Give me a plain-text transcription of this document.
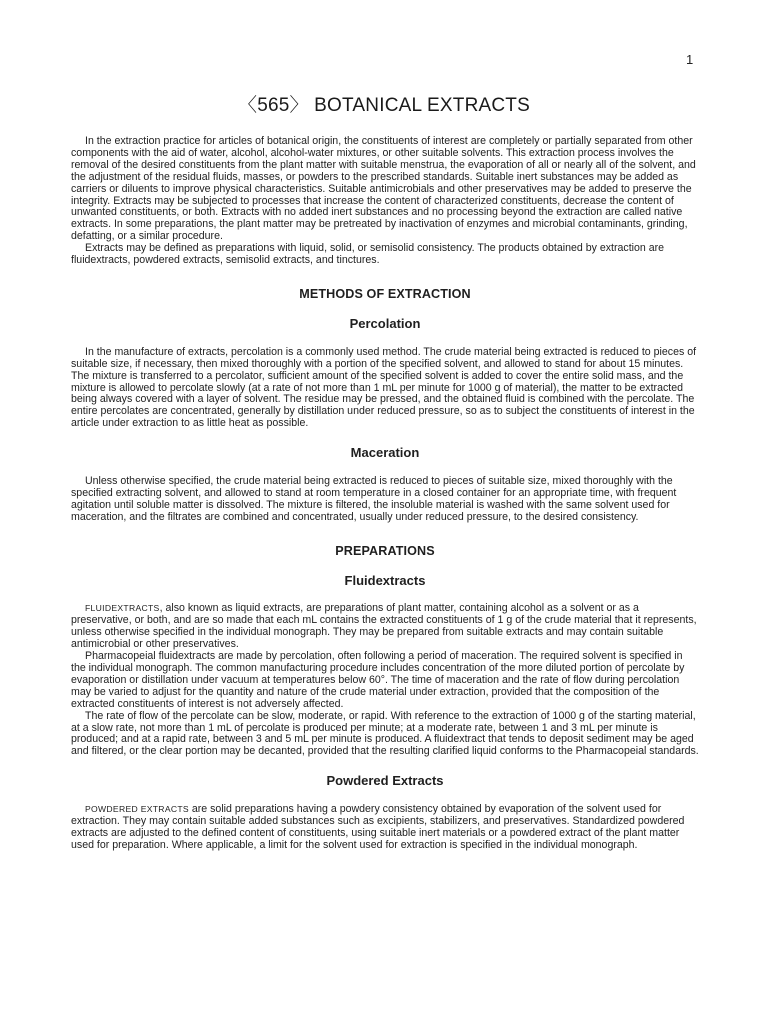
1
〈565〉 BOTANICAL EXTRACTS

In the extraction practice for articles of botanical origin, the constituents of interest are completely or partially separated from other components with the aid of water, alcohol, alcohol-water mixtures, or other suitable solvents. This extraction process involves the removal of the desired constituents from the plant matter with suitable menstrua, the evaporation of all or nearly all of the solvent, and the adjustment of the residual fluids, masses, or powders to the prescribed standards. Suitable inert substances may be added as carriers or diluents to improve physical characteristics. Suitable antimicrobials and other preservatives may be added to preserve the integrity. Extracts may be subjected to processes that increase the content of characterized constituents, decrease the content of unwanted constituents, or both. Extracts with no added inert substances and no processing beyond the extraction are called native extracts. In some preparations, the plant matter may be pretreated by inactivation of enzymes and microbial contaminants, grinding, defatting, or a similar procedure.

Extracts may be defined as preparations with liquid, solid, or semisolid consistency. The products obtained by extraction are fluidextracts, powdered extracts, semisolid extracts, and tinctures.

METHODS OF EXTRACTION
Percolation

In the manufacture of extracts, percolation is a commonly used method. The crude material being extracted is reduced to pieces of suitable size, if necessary, then mixed thoroughly with a portion of the specified solvent, and allowed to stand for about 15 minutes. The mixture is transferred to a percolator, sufficient amount of the specified solvent is added to cover the entire solid mass, and the mixture is allowed to percolate slowly (at a rate of not more than 1 mL per minute for 1000 g of material), the matter to be extracted being always covered with a layer of solvent. The residue may be pressed, and the obtained fluid is combined with the percolate. The entire percolates are concentrated, generally by distillation under reduced pressure, so as to subject the constituents of interest in the article under extraction to as little heat as possible.

Maceration

Unless otherwise specified, the crude material being extracted is reduced to pieces of suitable size, mixed thoroughly with the specified extracting solvent, and allowed to stand at room temperature in a closed container for an appropriate time, with frequent agitation until soluble matter is dissolved. The mixture is filtered, the insoluble material is washed with the same solvent used for maceration, and the filtrates are combined and concentrated, usually under reduced pressure, to the desired consistency.

PREPARATIONS
Fluidextracts

FLUIDEXTRACTS, also known as liquid extracts, are preparations of plant matter, containing alcohol as a solvent or as a preservative, or both, and are so made that each mL contains the extracted constituents of 1 g of the crude material that it represents, unless otherwise specified in the individual monograph. They may be prepared from suitable extracts and may contain suitable antimicrobial or other preservatives.

Pharmacopeial fluidextracts are made by percolation, often following a period of maceration. The required solvent is specified in the individual monograph. The common manufacturing procedure includes concentration of the more diluted portion of percolate by evaporation or distillation under vacuum at temperatures below 60°. The time of maceration and the rate of flow during percolation may be varied to adjust for the quantity and nature of the crude material under extraction, provided that the composition of the extracted constituents of interest is not adversely affected.

The rate of flow of the percolate can be slow, moderate, or rapid. With reference to the extraction of 1000 g of the starting material, at a slow rate, not more than 1 mL of percolate is produced per minute; at a moderate rate, between 1 and 3 mL per minute is produced; and at a rapid rate, between 3 and 5 mL per minute is produced. A fluidextract that tends to deposit sediment may be aged and filtered, or the clear portion may be decanted, provided that the resulting clarified liquid conforms to the Pharmacopeial standards.

Powdered Extracts

POWDERED EXTRACTS are solid preparations having a powdery consistency obtained by evaporation of the solvent used for extraction. They may contain suitable added substances such as excipients, stabilizers, and preservatives. Standardized powdered extracts are adjusted to the defined content of constituents, using suitable inert materials or a powdered extract of the plant matter used for preparation. Where applicable, a limit for the solvent used for extraction is specified in the individual monograph.
